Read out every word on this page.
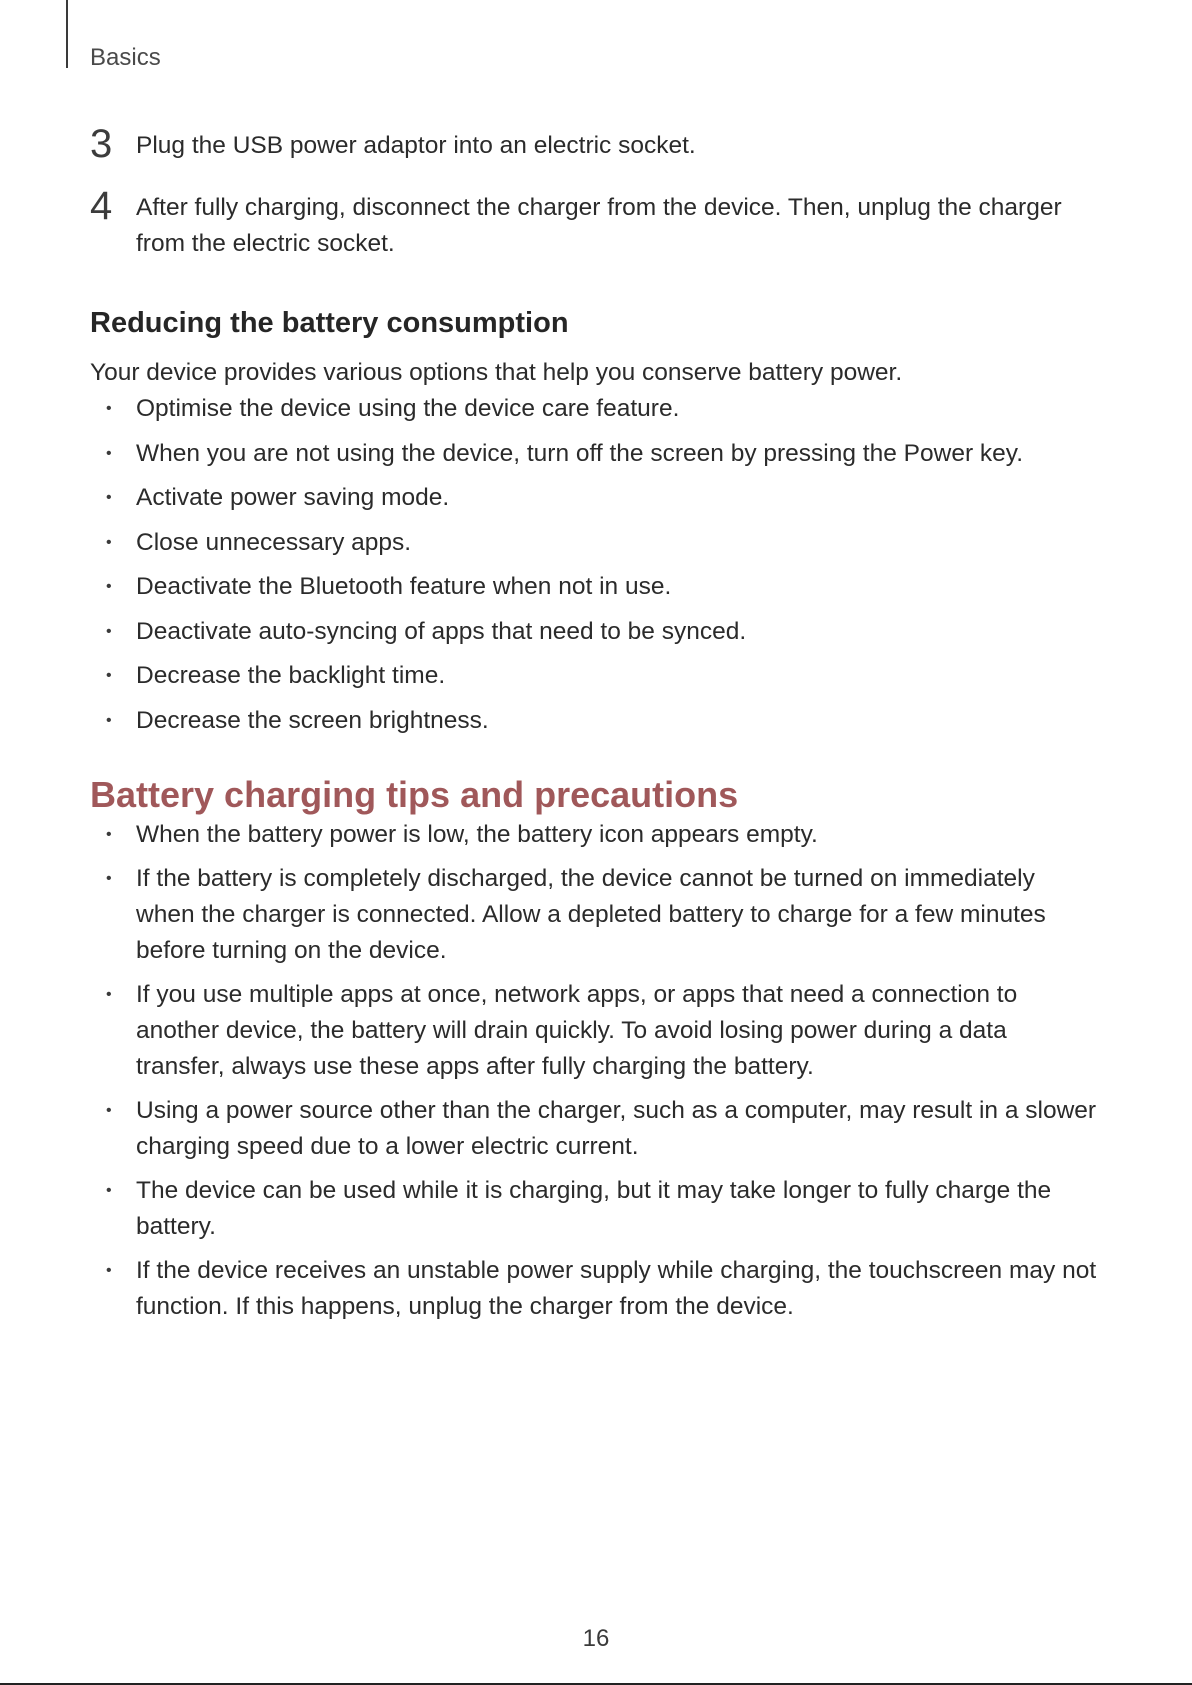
Basics
3 Plug the USB power adaptor into an electric socket.
4 After fully charging, disconnect the charger from the device. Then, unplug the charger from the electric socket.
Reducing the battery consumption
Your device provides various options that help you conserve battery power.
• Optimise the device using the device care feature.
• When you are not using the device, turn off the screen by pressing the Power key.
• Activate power saving mode.
• Close unnecessary apps.
• Deactivate the Bluetooth feature when not in use.
• Deactivate auto-syncing of apps that need to be synced.
• Decrease the backlight time.
• Decrease the screen brightness.
Battery charging tips and precautions
• When the battery power is low, the battery icon appears empty.
• If the battery is completely discharged, the device cannot be turned on immediately when the charger is connected. Allow a depleted battery to charge for a few minutes before turning on the device.
• If you use multiple apps at once, network apps, or apps that need a connection to another device, the battery will drain quickly. To avoid losing power during a data transfer, always use these apps after fully charging the battery.
• Using a power source other than the charger, such as a computer, may result in a slower charging speed due to a lower electric current.
• The device can be used while it is charging, but it may take longer to fully charge the battery.
• If the device receives an unstable power supply while charging, the touchscreen may not function. If this happens, unplug the charger from the device.
16
